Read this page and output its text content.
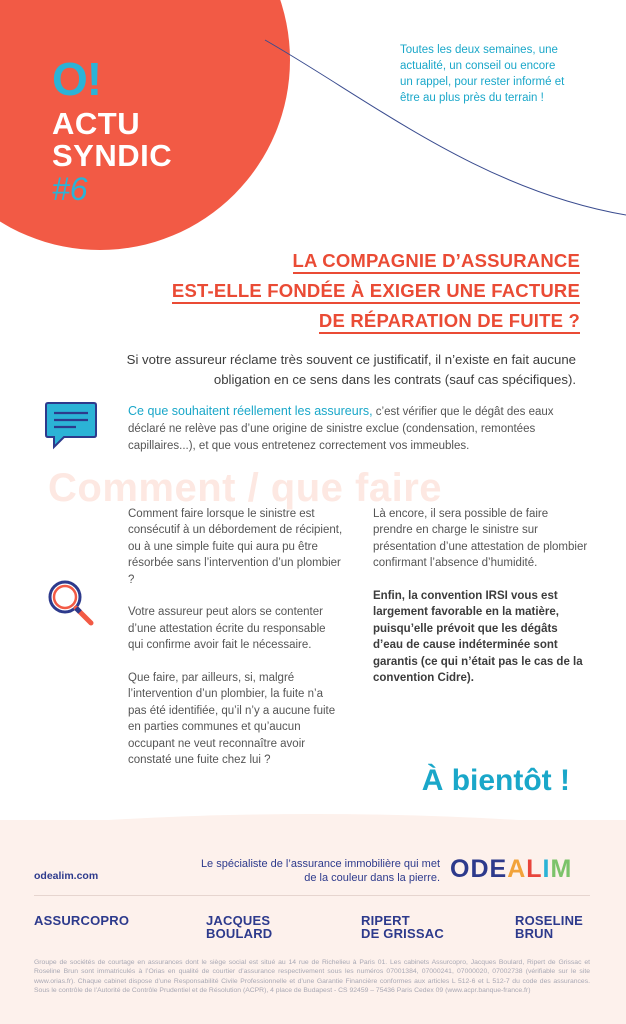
O!
ACTU
SYNDIC
#6
Toutes les deux semaines, une actualité, un conseil ou encore un rappel, pour rester informé et être au plus près du terrain !
LA COMPAGNIE D’ASSURANCE
EST-ELLE FONDÉE À EXIGER UNE FACTURE
DE RÉPARATION DE FUITE ?
Si votre assureur réclame très souvent ce justificatif, il n’existe en fait aucune obligation en ce sens dans les contrats (sauf cas spécifiques).
Ce que souhaitent réellement les assureurs, c’est vérifier que le dégât des eaux déclaré ne relève pas d’une origine de sinistre exclue (condensation, remontées capillaires...), et que vous entretenez correctement vos immeubles.
Comment / que faire

Comment faire lorsque le sinistre est consécutif à un débordement de récipient, ou à une simple fuite qui aura pu être résorbée sans l’intervention d’un plombier ?

Votre assureur peut alors se contenter d’une attestation écrite du responsable qui confirme avoir fait le nécessaire.

Que faire, par ailleurs, si, malgré l’intervention d’un plombier, la fuite n’a pas été identifiée, qu’il n’y a aucune fuite en parties communes et qu’aucun occupant ne veut reconnaître avoir constaté une fuite chez lui ?

Là encore, il sera possible de faire prendre en charge le sinistre sur présentation d’une attestation de plombier confirmant l’absence d’humidité.

Enfin, la convention IRSI vous est largement favorable en la matière, puisqu’elle prévoit que les dégâts d’eau de cause indéterminée sont garantis (ce qui n’était pas le cas de la convention Cidre).

À bientôt !
odealim.com
Le spécialiste de l’assurance immobilière qui met de la couleur dans la pierre. ODEALIM
ASSURCOPRO	JACQUES
BOULARD
RIPERT
DE GRISSAC
ROSELINE
BRUN
Groupe de sociétés de courtage en assurances dont le siège social est situé au 14 rue de Richelieu à Paris 01. Les cabinets Assurcopro, Jacques Boulard, Ripert de Grissac et Roseline Brun sont immatriculés à l’Orias en qualité de courtier d’assurance respectivement sous les numéros 07001384, 07000241, 07000020, 07002738 (vérifiable sur le site www.orias.fr). Chaque cabinet dispose d’une Responsabilité Civile Professionnelle et d’une Garantie Financière conformes aux articles L 512-6 et L 512-7 du code des assurances. Sous le contrôle de l’Autorité de Contrôle Prudentiel et de Résolution (ACPR), 4 place de Budapest - CS 92459 – 75436 Paris Cedex 09 (www.acpr.banque-france.fr)
